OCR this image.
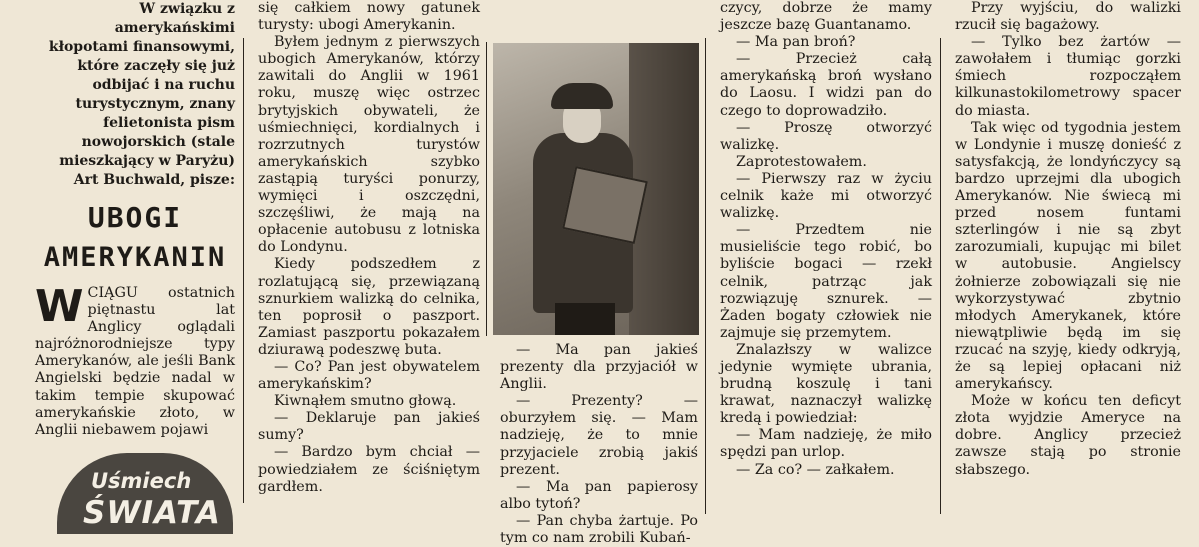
W związku z amerykańskimi kłopotami finansowymi, które zaczęły się już odbijać i na ruchu turystycznym, znany felietonista pism nowojorskich (stale mieszkający w Paryżu) Art Buchwald, pisze:
UBOGI
AMERYKANIN
WCIĄGU ostatnich piętnastu lat Anglicy oglądali najróżnorodniejsze typy Amerykanów, ale jeśli Bank Angielski będzie nadal w takim tempie skupować amerykańskie złoto, w Anglii niebawem pojawi
Uśmiech
ŚWIATA

się całkiem nowy gatunek turysty: ubogi Amerykanin.

Byłem jednym z pierwszych ubogich Amerykanów, którzy zawitali do Anglii w 1961 roku, muszę więc ostrzec brytyjskich obywateli, że uśmiechnięci, kordialnych i rozrzutnych turystów amerykańskich szybko zastąpią turyści ponurzy, wymięci i oszczędni, szczęśliwi, że mają na opłacenie autobusu z lotniska do Londynu.

Kiedy podszedłem z rozlatującą się, przewiązaną sznurkiem walizką do celnika, ten poprosił o paszport. Zamiast paszportu pokazałem dziurawą podeszwę buta.

— Co? Pan jest obywatelem amerykańskim?

Kiwnąłem smutno głową.

— Deklaruje pan jakieś sumy?

— Bardzo bym chciał — powiedziałem ze ściśniętym gardłem.

— Ma pan jakieś prezenty dla przyjaciół w Anglii.

— Prezenty? — oburzyłem się. — Mam nadzieję, że to mnie przyjaciele zrobią jakiś prezent.

— Ma pan papierosy albo tytoń?

— Pan chyba żartuje. Po tym co nam zrobili Kubań-

czycy, dobrze że mamy jeszcze bazę Guantanamo.

— Ma pan broń?

— Przecież całą amerykańską broń wysłano do Laosu. I widzi pan do czego to doprowadziło.

— Proszę otworzyć walizkę.

Zaprotestowałem.

— Pierwszy raz w życiu celnik każe mi otworzyć walizkę.

— Przedtem nie musieliście tego robić, bo byliście bogaci — rzekł celnik, patrząc jak rozwiązuję sznurek. — Żaden bogaty człowiek nie zajmuje się przemytem.

Znalazłszy w walizce jedynie wymięte ubrania, brudną koszulę i tani krawat, naznaczył walizkę kredą i powiedział:

— Mam nadzieję, że miło spędzi pan urlop.

— Za co? — załkałem.

Przy wyjściu, do walizki rzucił się bagażowy.

— Tylko bez żartów — zawołałem i tłumiąc gorzki śmiech rozpocząłem kilkunastokilometrowy spacer do miasta.

Tak więc od tygodnia jestem w Londynie i muszę donieść z satysfakcją, że londyńczycy są bardzo uprzejmi dla ubogich Amerykanów. Nie świecą mi przed nosem funtami szterlingów i nie są zbyt zarozumiali, kupując mi bilet w autobusie. Angielscy żołnierze zobowiązali się nie wykorzystywać zbytnio młodych Amerykanek, które niewątpliwie będą im się rzucać na szyję, kiedy odkryją, że są lepiej opłacani niż amerykańscy.

Może w końcu ten deficyt złota wyjdzie Ameryce na dobre. Anglicy przecież zawsze stają po stronie słabszego.
